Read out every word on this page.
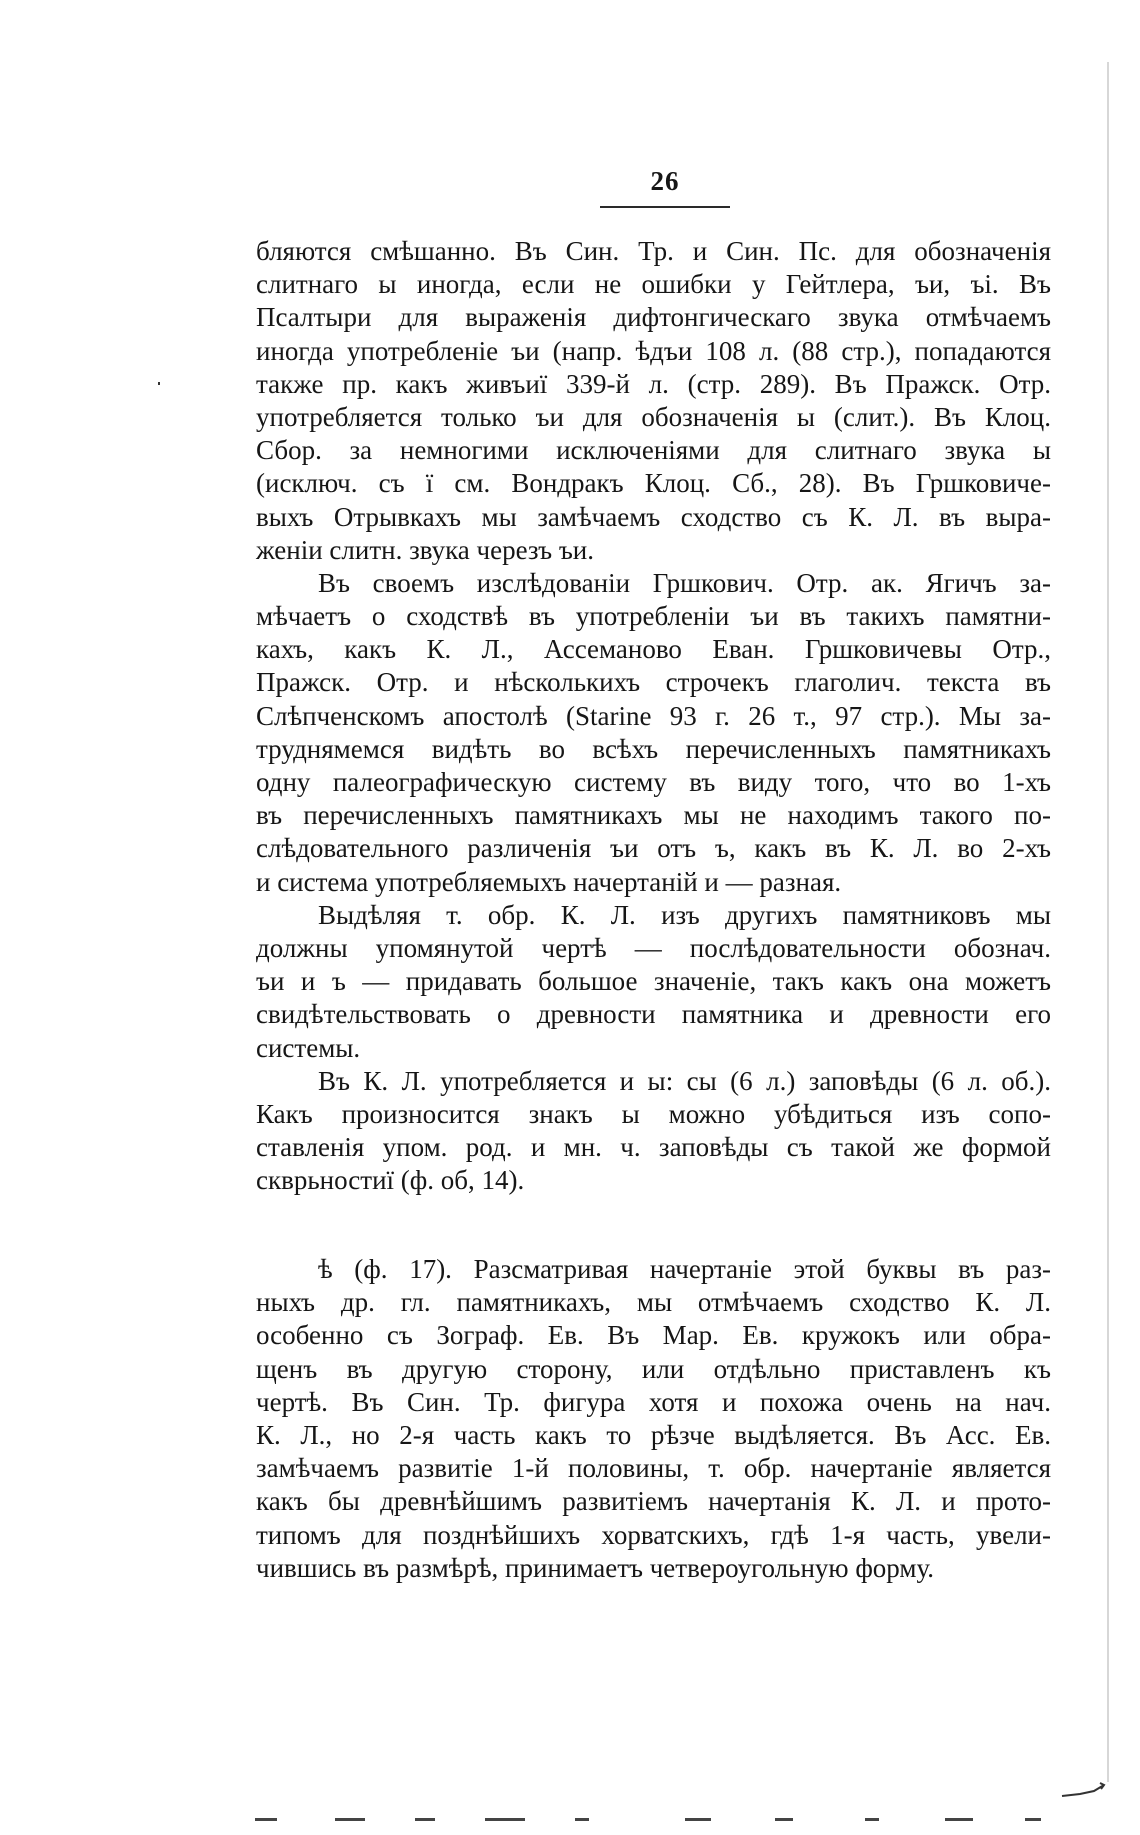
26
бляются смѣшанно. Въ Син. Тр. и Син. Пс. для обозначенія
слитнаго ы иногда, если не ошибки у Гейтлера, ъи, ъі. Въ
Псалтыри для выраженія дифтонгическаго звука отмѣчаемъ
иногда употребленіе ъи (напр. ѣдъи 108 л. (88 стр.), попадаются
также пр. какъ живъиї 339-й л. (стр. 289). Въ Пражск. Отр.
употребляется только ъи для обозначенія ы (слит.). Въ Клоц.
Сбор. за немногими исключеніями для слитнаго звука ы
(исключ. съ ї см. Вондракъ Клоц. Сб., 28). Въ Гршковиче-
выхъ Отрывкахъ мы замѣчаемъ сходство съ К. Л. въ выра-
женіи слитн. звука черезъ ъи.
Въ своемъ изслѣдованіи Гршкович. Отр. ак. Ягичъ за-
мѣчаетъ о сходствѣ въ употребленіи ъи въ такихъ памятни-
кахъ, какъ К. Л., Ассеманово Еван. Гршковичевы Отр.,
Пражск. Отр. и нѣсколькихъ строчекъ глаголич. текста въ
Слѣпченскомъ апостолѣ (Starine 93 г. 26 т., 97 стр.). Мы за-
труднямемся видѣть во всѣхъ перечисленныхъ памятникахъ
одну палеографическую систему въ виду того, что во 1-хъ
въ перечисленныхъ памятникахъ мы не находимъ такого по-
слѣдовательного различенія ъи отъ ъ, какъ въ К. Л. во 2-хъ
и система употребляемыхъ начертаній и — разная.
Выдѣляя т. обр. К. Л. изъ другихъ памятниковъ мы
должны упомянутой чертѣ — послѣдовательности обознач.
ъи и ъ — придавать большое значеніе, такъ какъ она можетъ
свидѣтельствовать о древности памятника и древности его
системы.
Въ К. Л. употребляется и ы: сы (6 л.) заповѣды (6 л. об.).
Какъ произносится знакъ ы можно убѣдиться изъ сопо-
ставленія упом. род. и мн. ч. заповѣды съ такой же формой
скврьностиї (ф. об, 14).
ѣ (ф. 17). Разсматривая начертаніе этой буквы въ раз-
ныхъ др. гл. памятникахъ, мы отмѣчаемъ сходство К. Л.
особенно съ Зограф. Ев. Въ Мар. Ев. кружокъ или обра-
щенъ въ другую сторону, или отдѣльно приставленъ къ
чертѣ. Въ Син. Тр. фигура хотя и похожа очень на нач.
К. Л., но 2-я часть какъ то рѣзче выдѣляется. Въ Асс. Ев.
замѣчаемъ развитіе 1-й половины, т. обр. начертаніе является
какъ бы древнѣйшимъ развитіемъ начертанія К. Л. и прото-
типомъ для позднѣйшихъ хорватскихъ, гдѣ 1-я часть, увели-
чившись въ размѣрѣ, принимаетъ четвероугольную форму.
